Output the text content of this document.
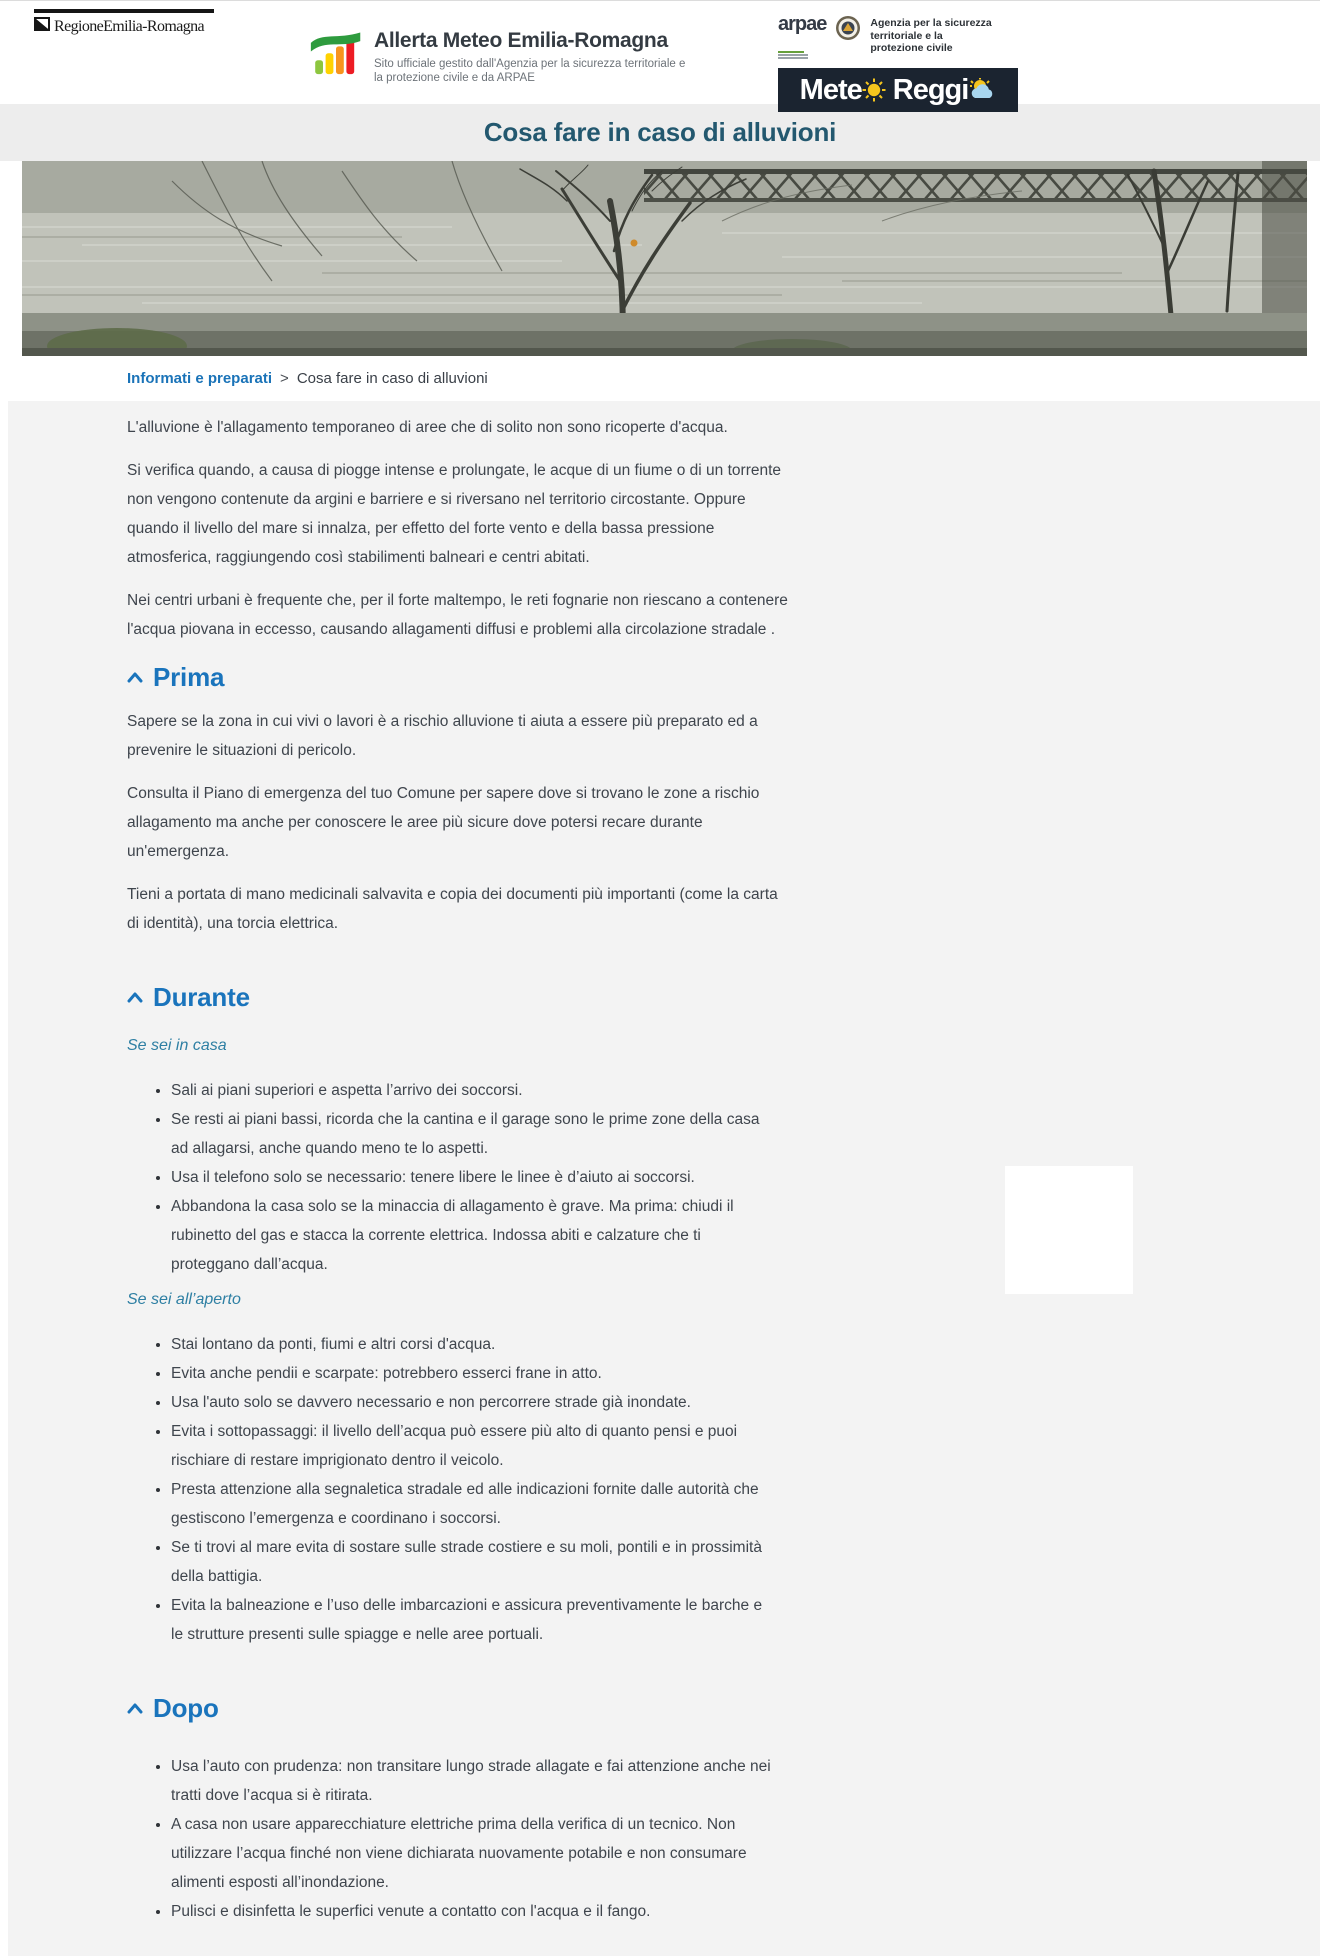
RegioneEmilia-Romagna
Allerta Meteo Emilia-Romagna
Sito ufficiale gestito dall'Agenzia per la sicurezza territoriale e
la protezione civile e da ARPAE
arpae	Agenzia per la sicurezza territoriale e la
protezione civile
Mete Reggi
Cosa fare in caso di alluvioni
Informati e preparati > Cosa fare in caso di alluvioni

L'alluvione è l'allagamento temporaneo di aree che di solito non sono ricoperte d'acqua.

Si verifica quando, a causa di piogge intense e prolungate, le acque di un fiume o di un torrente non vengono contenute da argini e barriere e si riversano nel territorio circostante. Oppure quando il livello del mare si innalza, per effetto del forte vento e della bassa pressione atmosferica, raggiungendo così stabilimenti balneari e centri abitati.

Nei centri urbani è frequente che, per il forte maltempo, le reti fognarie non riescano a contenere l'acqua piovana in eccesso, causando allagamenti diffusi e problemi alla circolazione stradale .

Prima

Sapere se la zona in cui vivi o lavori è a rischio alluvione ti aiuta a essere più preparato ed a prevenire le situazioni di pericolo.

Consulta il Piano di emergenza del tuo Comune per sapere dove si trovano le zone a rischio allagamento ma anche per conoscere le aree più sicure dove potersi recare durante un'emergenza.

Tieni a portata di mano medicinali salvavita e copia dei documenti più importanti (come la carta di identità), una torcia elettrica.

Durante
Se sei in casa
• Sali ai piani superiori e aspetta l’arrivo dei soccorsi.
• Se resti ai piani bassi, ricorda che la cantina e il garage sono le prime zone della casa ad allagarsi, anche quando meno te lo aspetti.
• Usa il telefono solo se necessario: tenere libere le linee è d’aiuto ai soccorsi.
• Abbandona la casa solo se la minaccia di allagamento è grave. Ma prima: chiudi il rubinetto del gas e stacca la corrente elettrica. Indossa abiti e calzature che ti proteggano dall’acqua.
Se sei all’aperto
• Stai lontano da ponti, fiumi e altri corsi d'acqua.
• Evita anche pendii e scarpate: potrebbero esserci frane in atto.
• Usa l'auto solo se davvero necessario e non percorrere strade già inondate.
• Evita i sottopassaggi: il livello dell’acqua può essere più alto di quanto pensi e puoi rischiare di restare imprigionato dentro il veicolo.
• Presta attenzione alla segnaletica stradale ed alle indicazioni fornite dalle autorità che gestiscono l’emergenza e coordinano i soccorsi.
• Se ti trovi al mare evita di sostare sulle strade costiere e su moli, pontili e in prossimità della battigia.
• Evita la balneazione e l’uso delle imbarcazioni e assicura preventivamente le barche e le strutture presenti sulle spiagge e nelle aree portuali.
Dopo
• Usa l’auto con prudenza: non transitare lungo strade allagate e fai attenzione anche nei tratti dove l’acqua si è ritirata.
• A casa non usare apparecchiature elettriche prima della verifica di un tecnico. Non utilizzare l’acqua finché non viene dichiarata nuovamente potabile e non consumare alimenti esposti all’inondazione.
• Pulisci e disinfetta le superfici venute a contatto con l'acqua e il fango.
